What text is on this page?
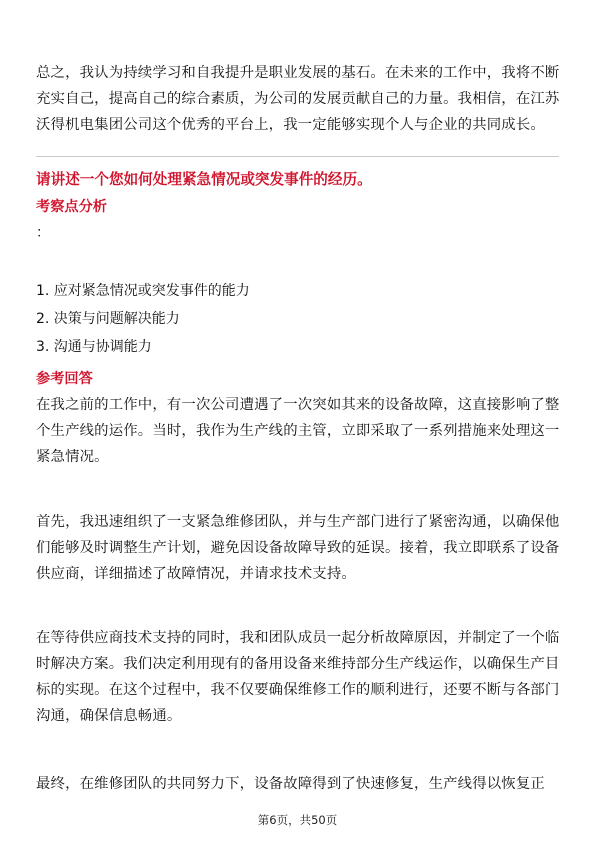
总之，我认为持续学习和自我提升是职业发展的基石。在未来的工作中，我将不断
充实自己，提高自己的综合素质，为公司的发展贡献自己的力量。我相信，在江苏
沃得机电集团公司这个优秀的平台上，我一定能够实现个人与企业的共同成长。
请讲述一个您如何处理紧急情况或突发事件的经历。
考察点分析
：
1. 应对紧急情况或突发事件的能力
2. 决策与问题解决能力
3. 沟通与协调能力
参考回答
在我之前的工作中，有一次公司遭遇了一次突如其来的设备故障，这直接影响了整
个生产线的运作。当时，我作为生产线的主管，立即采取了一系列措施来处理这一
紧急情况。
首先，我迅速组织了一支紧急维修团队，并与生产部门进行了紧密沟通，以确保他
们能够及时调整生产计划，避免因设备故障导致的延误。接着，我立即联系了设备
供应商，详细描述了故障情况，并请求技术支持。
在等待供应商技术支持的同时，我和团队成员一起分析故障原因，并制定了一个临
时解决方案。我们决定利用现有的备用设备来维持部分生产线运作，以确保生产目
标的实现。在这个过程中，我不仅要确保维修工作的顺利进行，还要不断与各部门
沟通，确保信息畅通。
最终，在维修团队的共同努力下，设备故障得到了快速修复，生产线得以恢复正
第6页，共50页
